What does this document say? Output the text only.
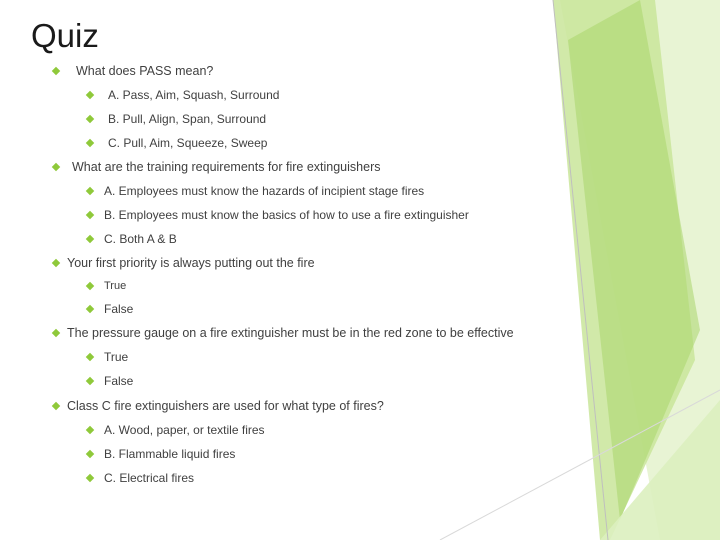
Quiz
What does PASS mean?
A. Pass, Aim, Squash, Surround
B. Pull, Align, Span, Surround
C. Pull, Aim, Squeeze, Sweep
What are the training requirements for fire extinguishers
A. Employees must know the hazards of incipient stage fires
B. Employees must know the basics of how to use a fire extinguisher
C. Both A & B
Your first priority is always putting out the fire
True
False
The pressure gauge on a fire extinguisher must be in the red zone to be effective
True
False
Class C fire extinguishers are used for what type of fires?
A. Wood, paper, or textile fires
B. Flammable liquid fires
C. Electrical fires
